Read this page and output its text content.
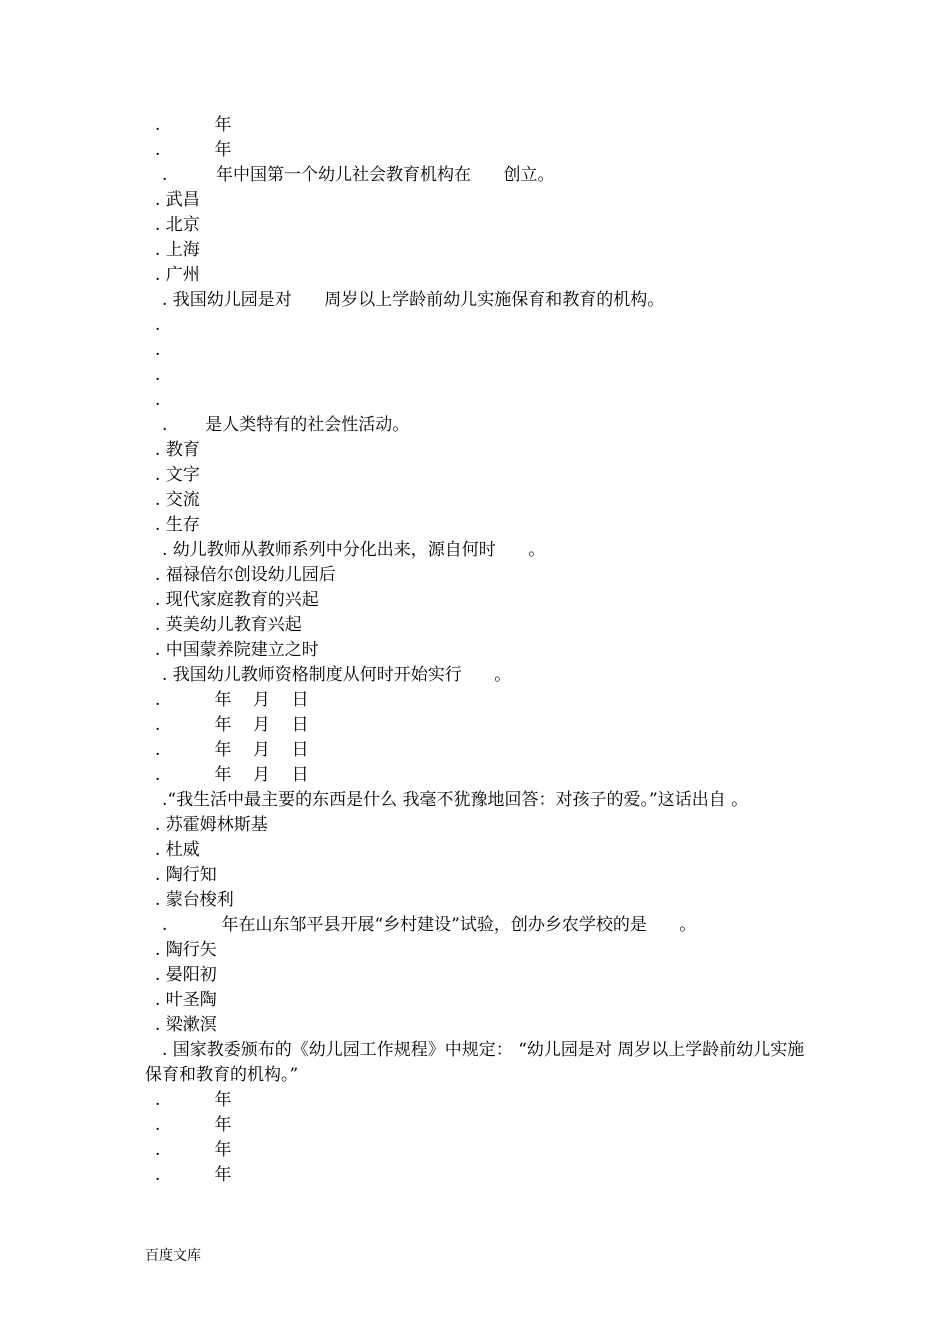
.          年
.          年
.         年中国第一个幼儿社会教育机构在      创立。
. 武昌
. 北京
. 上海
. 广州
. 我国幼儿园是对      周岁以上学龄前幼儿实施保育和教育的机构。
.
.
.
.
.       是人类特有的社会性活动。
. 教育
. 文字
. 交流
. 生存
. 幼儿教师从教师系列中分化出来，源自何时      。
. 福禄倍尔创设幼儿园后
. 现代家庭教育的兴起
. 英美幼儿教育兴起
. 中国蒙养院建立之时
. 我国幼儿教师资格制度从何时开始实行      。
.          年    月    日
.          年    月    日
.          年    月    日
.          年    月    日
.“我生活中最主要的东西是什么 我毫不犹豫地回答：对孩子的爱。”这话出自 。
. 苏霍姆林斯基
. 杜威
. 陶行知
. 蒙台梭利
.          年在山东邹平县开展“乡村建设”试验，创办乡农学校的是      。
. 陶行矢
. 晏阳初
. 叶圣陶
. 梁漱溟
. 国家教委颁布的《幼儿园工作规程》中规定： “幼儿园是对 周岁以上学龄前幼儿实施保育和教育的机构。”
.          年
.          年
.          年
.          年
百度文库
